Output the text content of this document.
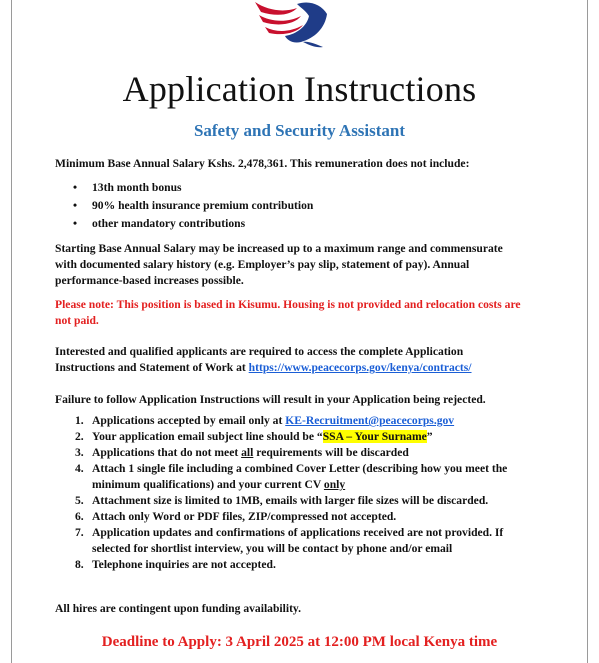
Application Instructions
Safety and Security Assistant
Minimum Base Annual Salary Kshs. 2,478,361. This remuneration does not include:
• 13th month bonus
• 90% health insurance premium contribution
• other mandatory contributions
Starting Base Annual Salary may be increased up to a maximum range and commensurate
with documented salary history (e.g. Employer’s pay slip, statement of pay). Annual
performance-based increases possible.
Please note: This position is based in Kisumu. Housing is not provided and relocation costs are
not paid.
Interested and qualified applicants are required to access the complete Application
Instructions and Statement of Work at https://www.peacecorps.gov/kenya/contracts/
Failure to follow Application Instructions will result in your Application being rejected.
1. Applications accepted by email only at KE-Recruitment@peacecorps.gov
2. Your application email subject line should be “SSA – Your Surname”
3. Applications that do not meet all requirements will be discarded
4. Attach 1 single file including a combined Cover Letter (describing how you meet the
minimum qualifications) and your current CV only
5. Attachment size is limited to 1MB, emails with larger file sizes will be discarded.
6. Attach only Word or PDF files, ZIP/compressed not accepted.
7. Application updates and confirmations of applications received are not provided. If
selected for shortlist interview, you will be contact by phone and/or email
8. Telephone inquiries are not accepted.
All hires are contingent upon funding availability.
Deadline to Apply: 3 April 2025 at 12:00 PM local Kenya time
